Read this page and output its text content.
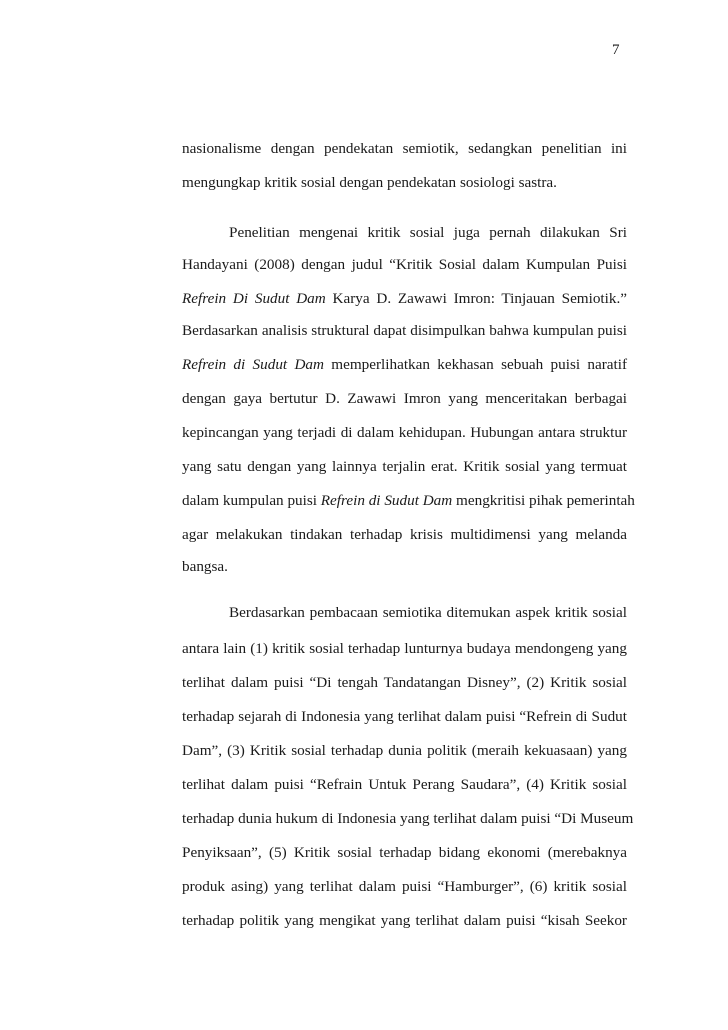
7
nasionalisme dengan pendekatan semiotik, sedangkan penelitian ini
mengungkap kritik sosial dengan pendekatan sosiologi sastra.
Penelitian mengenai kritik sosial juga pernah dilakukan Sri
Handayani (2008) dengan judul “Kritik Sosial dalam Kumpulan Puisi
Refrein Di Sudut Dam Karya D. Zawawi Imron: Tinjauan Semiotik.”
Berdasarkan analisis struktural dapat disimpulkan bahwa kumpulan puisi
Refrein di Sudut Dam memperlihatkan kekhasan sebuah puisi naratif
dengan gaya bertutur D. Zawawi Imron yang menceritakan berbagai
kepincangan yang terjadi di dalam kehidupan. Hubungan antara struktur
yang satu dengan yang lainnya terjalin erat. Kritik sosial yang termuat
dalam kumpulan puisi Refrein di Sudut Dam mengkritisi pihak pemerintah
agar melakukan tindakan terhadap krisis multidimensi yang melanda
bangsa.
Berdasarkan pembacaan semiotika ditemukan aspek kritik sosial
antara lain (1) kritik sosial terhadap lunturnya budaya mendongeng yang
terlihat dalam puisi “Di tengah Tandatangan Disney”, (2) Kritik sosial
terhadap sejarah di Indonesia yang terlihat dalam puisi “Refrein di Sudut
Dam”, (3) Kritik sosial terhadap dunia politik (meraih kekuasaan) yang
terlihat dalam puisi “Refrain Untuk Perang Saudara”, (4) Kritik sosial
terhadap dunia hukum di Indonesia yang terlihat dalam puisi “Di Museum
Penyiksaan”, (5) Kritik sosial terhadap bidang ekonomi (merebaknya
produk asing) yang terlihat dalam puisi “Hamburger”, (6) kritik sosial
terhadap politik yang mengikat yang terlihat dalam puisi “kisah Seekor
